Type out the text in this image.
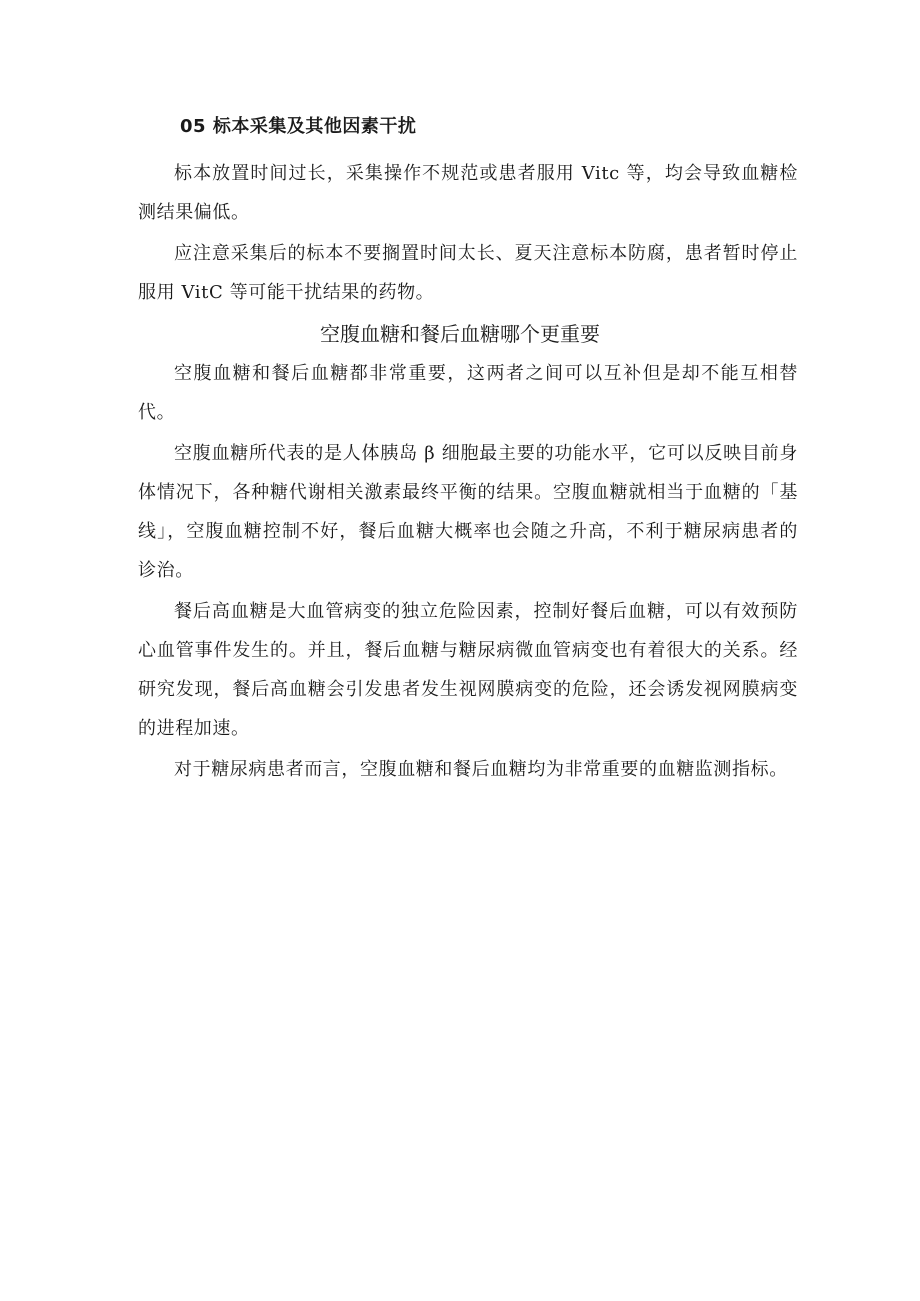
05 标本采集及其他因素干扰

标本放置时间过长，采集操作不规范或患者服用 Vitc 等，均会导致血糖检测结果偏低。

应注意采集后的标本不要搁置时间太长、夏天注意标本防腐，患者暂时停止服用 VitC 等可能干扰结果的药物。

空腹血糖和餐后血糖哪个更重要

空腹血糖和餐后血糖都非常重要，这两者之间可以互补但是却不能互相替代。

空腹血糖所代表的是人体胰岛 β 细胞最主要的功能水平，它可以反映目前身体情况下，各种糖代谢相关激素最终平衡的结果。空腹血糖就相当于血糖的「基线」，空腹血糖控制不好，餐后血糖大概率也会随之升高，不利于糖尿病患者的诊治。

餐后高血糖是大血管病变的独立危险因素，控制好餐后血糖，可以有效预防心血管事件发生的。并且，餐后血糖与糖尿病微血管病变也有着很大的关系。经研究发现，餐后高血糖会引发患者发生视网膜病变的危险，还会诱发视网膜病变的进程加速。

对于糖尿病患者而言，空腹血糖和餐后血糖均为非常重要的血糖监测指标。
